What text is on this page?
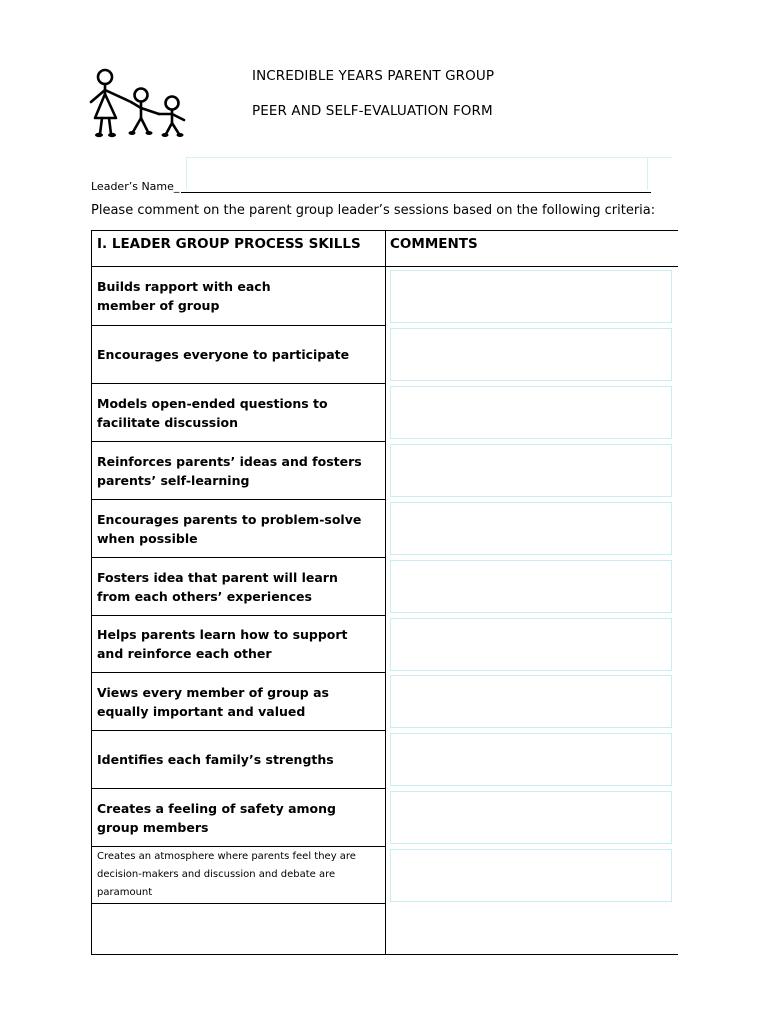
INCREDIBLE YEARS PARENT GROUP
PEER AND SELF-EVALUATION FORM
Leader’s Name_
Please comment on the parent group leader’s sessions based on the following criteria:
I. LEADER GROUP PROCESS SKILLS COMMENTS
Builds rapport with each
member of group
Encourages everyone to participate
Models open-ended questions to
facilitate discussion
Reinforces parents’ ideas and fosters
parents’ self-learning
Encourages parents to problem-solve
when possible
Fosters idea that parent will learn
from each others’ experiences
Helps parents learn how to support
and reinforce each other
Views every member of group as
equally important and valued
Identifies each family’s strengths
Creates a feeling of safety among
group members
Creates an atmosphere where parents feel they are
decision-makers and discussion and debate are
paramount
